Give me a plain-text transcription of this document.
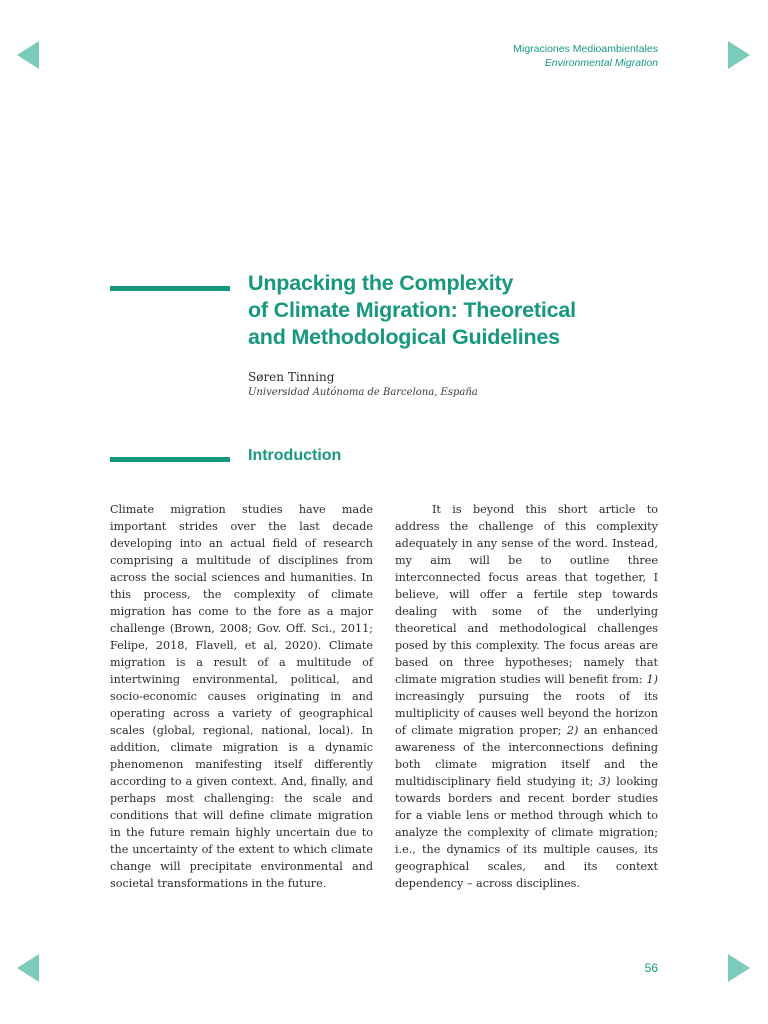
Migraciones Medioambientales
Environmental Migration
Unpacking the Complexity
of Climate Migration: Theoretical
and Methodological Guidelines
Søren Tinning
Universidad Autónoma de Barcelona, España
Introduction

Climate migration studies have made important strides over the last decade developing into an actual field of research comprising a multitude of disciplines from across the social sciences and humanities. In this process, the complexity of climate migration has come to the fore as a major challenge (Brown, 2008; Gov. Off. Sci., 2011; Felipe, 2018, Flavell, et al, 2020). Climate migration is a result of a multitude of intertwining environmental, political, and socio-economic causes originating in and operating across a variety of geographical scales (global, regional, national, local). In addition, climate migration is a dynamic phenomenon manifesting itself differently according to a given context. And, finally, and perhaps most challenging: the scale and conditions that will define climate migration in the future remain highly uncertain due to the uncertainty of the extent to which climate change will precipitate environmental and societal transformations in the future.

It is beyond this short article to address the challenge of this complexity adequately in any sense of the word. Instead, my aim will be to outline three interconnected focus areas that together, I believe, will offer a fertile step towards dealing with some of the underlying theoretical and methodological challenges posed by this complexity. The focus areas are based on three hypotheses; namely that climate migration studies will benefit from: 1) increasingly pursuing the roots of its multiplicity of causes well beyond the horizon of climate migration proper; 2) an enhanced awareness of the interconnections defining both climate migration itself and the multidisciplinary field studying it; 3) looking towards borders and recent border studies for a viable lens or method through which to analyze the complexity of climate migration; i.e., the dynamics of its multiple causes, its geographical scales, and its context dependency – across disciplines.

56
